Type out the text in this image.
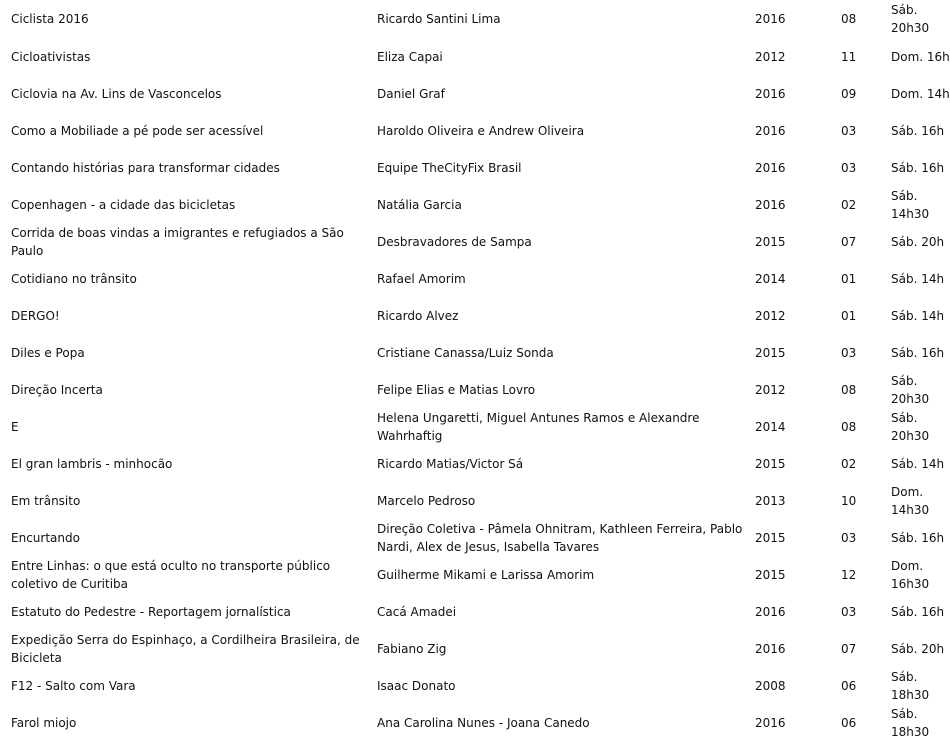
Ciclista 2016	Ricardo Santini Lima	2016	08	Sáb. 20h30
Cicloativistas	Eliza Capai	2012	11	Dom. 16h
Ciclovia na Av. Lins de Vasconcelos	Daniel Graf	2016	09	Dom. 14h
Como a Mobiliade a pé pode ser acessível	Haroldo Oliveira e Andrew Oliveira	2016	03	Sáb. 16h
Contando histórias para transformar cidades	Equipe TheCityFix Brasil	2016	03	Sáb. 16h
Copenhagen - a cidade das bicicletas	Natália Garcia	2016	02	Sáb. 14h30
Corrida de boas vindas a imigrantes e refugiados a São Paulo	Desbravadores de Sampa	2015	07	Sáb. 20h
Cotidiano no trânsito	Rafael Amorim	2014	01	Sáb. 14h
DERGO!	Ricardo Alvez	2012	01	Sáb. 14h
Diles e Popa	Cristiane Canassa/Luiz Sonda	2015	03	Sáb. 16h
Direção Incerta	Felipe Elias e Matias Lovro	2012	08	Sáb. 20h30
E	Helena Ungaretti, Miguel Antunes Ramos e Alexandre Wahrhaftig	2014	08	Sáb. 20h30
El gran lambris - minhocão	Ricardo Matias/Victor Sá	2015	02	Sáb. 14h
Em trânsito	Marcelo Pedroso	2013	10	Dom. 14h30
Encurtando	Direção Coletiva - Pâmela Ohnitram, Kathleen Ferreira, Pablo Nardi, Alex de Jesus, Isabella Tavares	2015	03	Sáb. 16h
Entre Linhas: o que está oculto no transporte público coletivo de Curitiba	Guilherme Mikami e Larissa Amorim	2015	12	Dom. 16h30
Estatuto do Pedestre - Reportagem jornalística	Cacá Amadei	2016	03	Sáb. 16h
Expedição Serra do Espinhaço, a Cordilheira Brasileira, de Bicicleta	Fabiano Zig	2016	07	Sáb. 20h
F12 - Salto com Vara	Isaac Donato	2008	06	Sáb. 18h30
Farol miojo	Ana Carolina Nunes - Joana Canedo	2016	06	Sáb. 18h30
